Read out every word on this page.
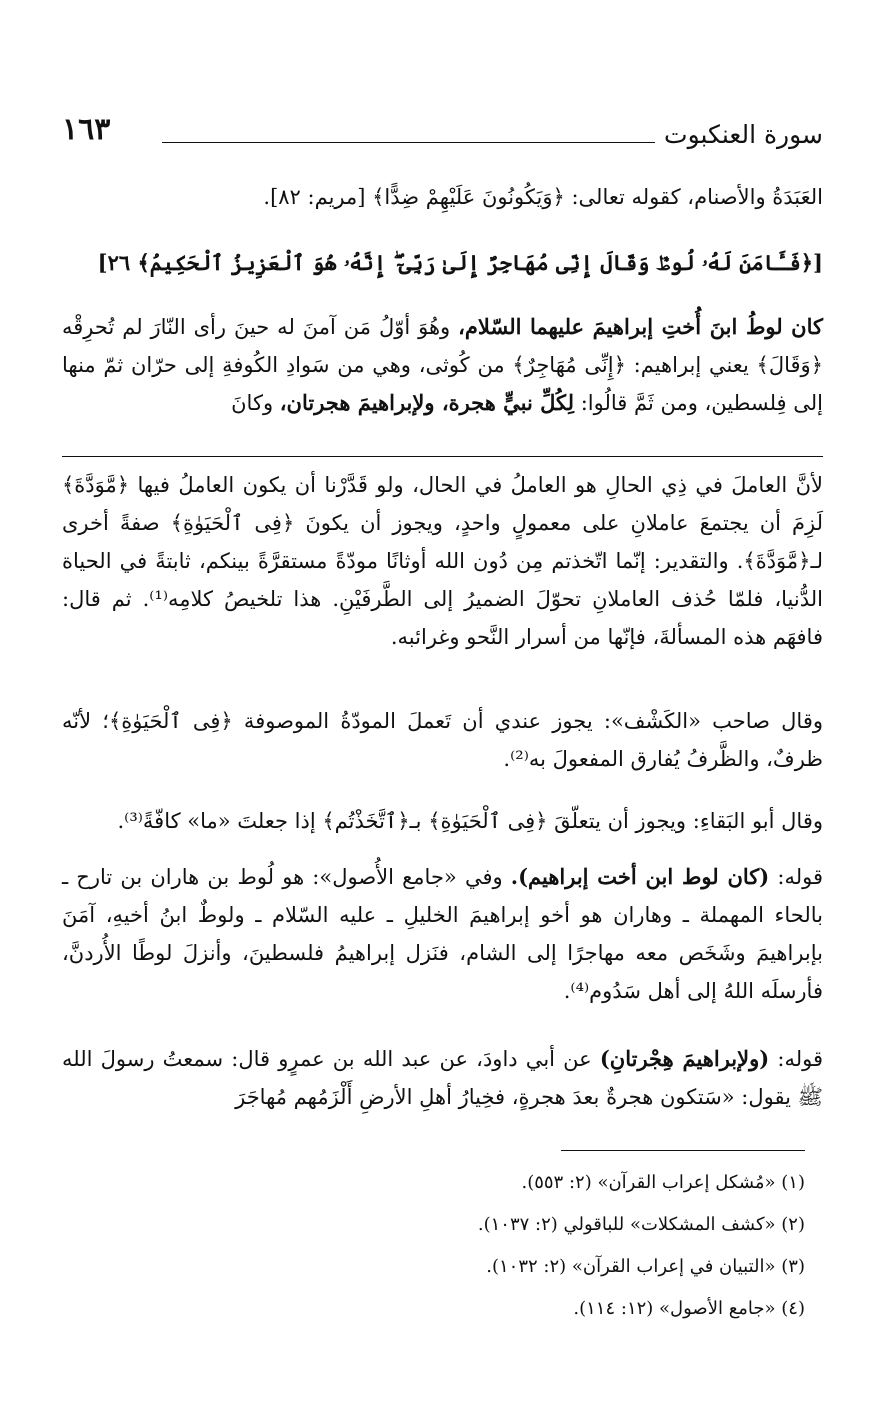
سورة العنكبوت
١٦٣

العَبَدَةُ والأصنام، كقوله تعالى: ﴿وَيَكُونُونَ عَلَيْهِمْ ضِدًّا﴾ [مريم: ٨٢].

[﴿فَـَٔامَنَ لَهُۥ لُوطٌۘ وَقَالَ إِنِّى مُهَاجِرٌ إِلَىٰ رَبِّىٓ ۖ إِنَّهُۥ هُوَ ٱلْعَزِيزُ ٱلْحَكِيمُ﴾ ٢٦]

كان لوطُ ابنَ أُختِ إبراهيمَ عليهما السّلام، وهُوَ أوّلُ مَن آمنَ له حينَ رأى النّارَ لم تُحرِقْه ﴿وَقَالَ﴾ يعني إبراهيم: ﴿إِنِّى مُهَاجِرٌ﴾ من كُوثى، وهي من سَوادِ الكُوفةِ إلى حرّان ثمّ منها إلى فِلسطين، ومن ثَمَّ قالُوا: لِكُلِّ نبيٍّ هجرة، ولإبراهيمَ هجرتان، وكانَ

لأنَّ العاملَ في ذِي الحالِ هو العاملُ في الحال، ولو قَدَّرْنا أن يكون العاملُ فيها ﴿مَّوَدَّةَ﴾ لَزِمَ أن يجتمعَ عاملانِ على معمولٍ واحدٍ، ويجوز أن يكونَ ﴿فِى ٱلْحَيَوٰةِ﴾ صفةً أخرى لـ﴿مَّوَدَّةَ﴾. والتقدير: إنّما اتّخذتم مِن دُون الله أوثانًا مودّةً مستقرَّةً بينكم، ثابتةً في الحياة الدُّنيا، فلمّا حُذف العاملانِ تحوّلَ الضميرُ إلى الطَّرفَيْنِ. هذا تلخيصُ كلامِه⁽¹⁾. ثم قال: فافهَم هذه المسألةَ، فإنّها من أسرار النَّحو وغرائبه.

وقال صاحب «الكَشْف»: يجوز عندي أن تَعملَ المودّةُ الموصوفة ﴿فِى ٱلْحَيَوٰةِ﴾؛ لأنّه ظرفٌ، والظَّرفُ يُفارق المفعولَ به⁽²⁾.

وقال أبو البَقاءِ: ويجوز أن يتعلّقَ ﴿فِى ٱلْحَيَوٰةِ﴾ بـ﴿ٱتَّخَذْتُم﴾ إذا جعلتَ «ما» كافّةً⁽³⁾.

قوله: (كان لوط ابن أخت إبراهيم). وفي «جامع الأُصول»: هو لُوط بن هاران بن تارح ـ بالحاء المهملة ـ وهاران هو أخو إبراهيمَ الخليلِ ـ عليه السّلام ـ ولوطٌ ابنُ أخيهِ، آمَنَ بإبراهيمَ وشَخَص معه مهاجرًا إلى الشام، فنَزل إبراهيمُ فلسطينَ، وأنزلَ لوطًا الأُردنَّ، فأرسلَه اللهُ إلى أهل سَدُوم⁽⁴⁾.

قوله: (ولإبراهيمَ هِجْرتانِ) عن أبي داودَ، عن عبد الله بن عمرٍو قال: سمعتُ رسولَ الله ﷺ يقول: «سَتكون هجرةٌ بعدَ هجرةٍ، فخِيارُ أهلِ الأرضِ أَلْزَمُهم مُهاجَرَ

(١) «مُشكل إعراب القرآن» (٢: ٥٥٣).

(٢) «كشف المشكلات» للباقولي (٢: ١٠٣٧).

(٣) «التبيان في إعراب القرآن» (٢: ١٠٣٢).

(٤) «جامع الأصول» (١٢: ١١٤).
